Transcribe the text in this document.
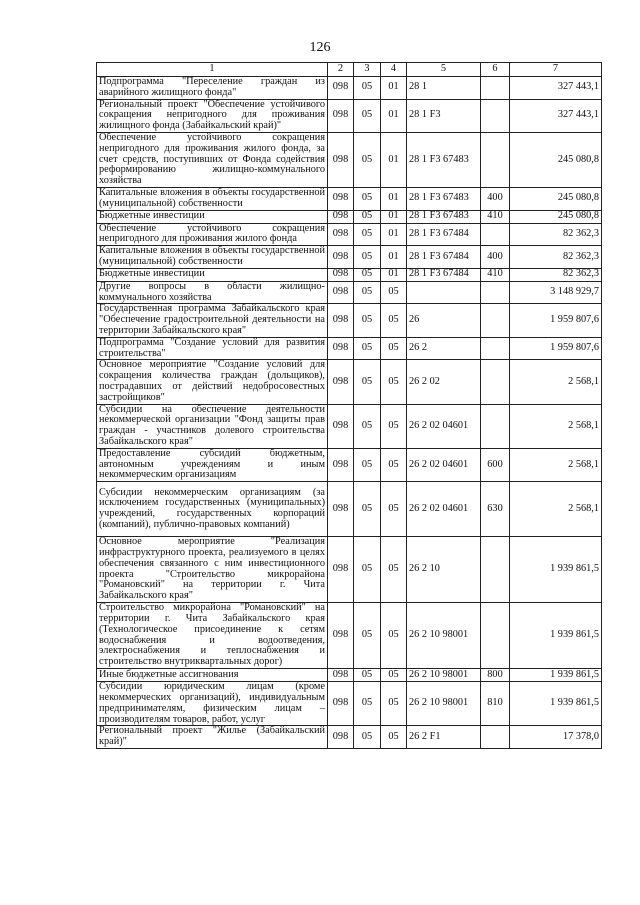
126
1	2	3	4	5	6	7
Подпрограмма "Переселение граждан из аварийного жилищного фонда"	098	05	01	28 1		327 443,1
Региональный проект "Обеспечение устойчивого сокращения непригодного для проживания жилищного фонда (Забайкальский край)"	098	05	01	28 1 F3		327 443,1
Обеспечение устойчивого сокращения непригодного для проживания жилого фонда, за счет средств, поступивших от Фонда содействия реформированию жилищно-коммунального хозяйства	098	05	01	28 1 F3 67483		245 080,8
Капитальные вложения в объекты государственной (муниципальной) собственности	098	05	01	28 1 F3 67483	400	245 080,8
Бюджетные инвестиции	098	05	01	28 1 F3 67483	410	245 080,8
Обеспечение устойчивого сокращения непригодного для проживания жилого фонда	098	05	01	28 1 F3 67484		82 362,3
Капитальные вложения в объекты государственной (муниципальной) собственности	098	05	01	28 1 F3 67484	400	82 362,3
Бюджетные инвестиции	098	05	01	28 1 F3 67484	410	82 362,3
Другие вопросы в области жилищно-коммунального хозяйства	098	05	05			3 148 929,7
Государственная программа Забайкальского края "Обеспечение градостроительной деятельности на территории Забайкальского края"	098	05	05	26		1 959 807,6
Подпрограмма "Создание условий для развития строительства"	098	05	05	26 2		1 959 807,6
Основное мероприятие "Создание условий для сокращения количества граждан (дольщиков), пострадавших от действий недобросовестных застройщиков"	098	05	05	26 2 02		2 568,1
Субсидии на обеспечение деятельности некоммерческой организации "Фонд защиты прав граждан - участников долевого строительства Забайкальского края"	098	05	05	26 2 02 04601		2 568,1
Предоставление субсидий бюджетным, автономным учреждениям и иным некоммерческим организациям	098	05	05	26 2 02 04601	600	2 568,1
Субсидии некоммерческим организациям (за исключением государственных (муниципальных) учреждений, государственных корпораций (компаний), публично-правовых компаний)	098	05	05	26 2 02 04601	630	2 568,1
Основное мероприятие "Реализация инфраструктурного проекта, реализуемого в целях обеспечения связанного с ним инвестиционного проекта "Строительство микрорайона "Романовский" на территории г. Чита Забайкальского края"	098	05	05	26 2 10		1 939 861,5
Строительство микрорайона "Романовский" на территории г. Чита Забайкальского края (Технологическое присоединение к сетям водоснабжения и водоотведения, электроснабжения и теплоснабжения и строительство внутриквартальных дорог)	098	05	05	26 2 10 98001		1 939 861,5
Иные бюджетные ассигнования	098	05	05	26 2 10 98001	800	1 939 861,5
Субсидии юридическим лицам (кроме некоммерческих организаций), индивидуальным предпринимателям, физическим лицам – производителям товаров, работ, услуг	098	05	05	26 2 10 98001	810	1 939 861,5
Региональный проект "Жилье (Забайкальский край)"	098	05	05	26 2 F1		17 378,0
